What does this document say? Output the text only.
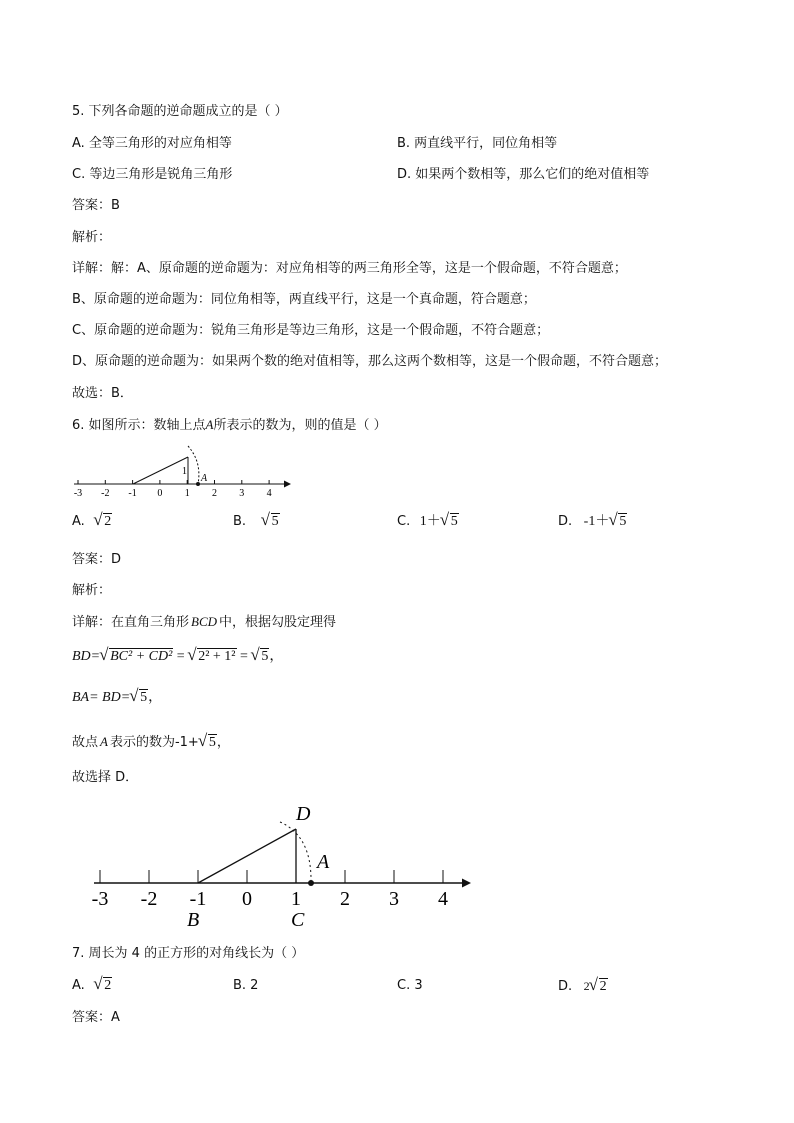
5. 下列各命题的逆命题成立的是（ ）
A. 全等三角形的对应角相等	B. 两直线平行，同位角相等
C. 等边三角形是锐角三角形	D. 如果两个数相等，那么它们的绝对值相等
答案：B
解析：
详解：解：A、原命题的逆命题为：对应角相等的两三角形全等，这是一个假命题，不符合题意；
B、原命题的逆命题为：同位角相等，两直线平行，这是一个真命题，符合题意；
C、原命题的逆命题为：锐角三角形是等边三角形，这是一个假命题，不符合题意；
D、原命题的逆命题为：如果两个数的绝对值相等，那么这两个数相等，这是一个假命题，不符合题意；
故选：B．
6. 如图所示：数轴上点A所表示的数为，则的值是（ ）
-3 -2 -1 0 1 2 3 4
1
A
A. √ 2	B. √ 5	C. 1＋ √ 5	D. -1＋ √ 5
答案：D
解析：
详解：在直角三角形 BCD 中，根据勾股定理得
BD= √ BC² + CD² = √ 2² + 1² = √ 5，
BA= BD= √ 5，
故点 A 表示的数为-1+ √ 5，
故选择 D．
-3 -2 -1 0 1 2 3 4
D
A
B	C
7. 周长为 4 的正方形的对角线长为（ ）
A. √ 2	B. 2	C. 3	D. 2 √ 2
答案：A
